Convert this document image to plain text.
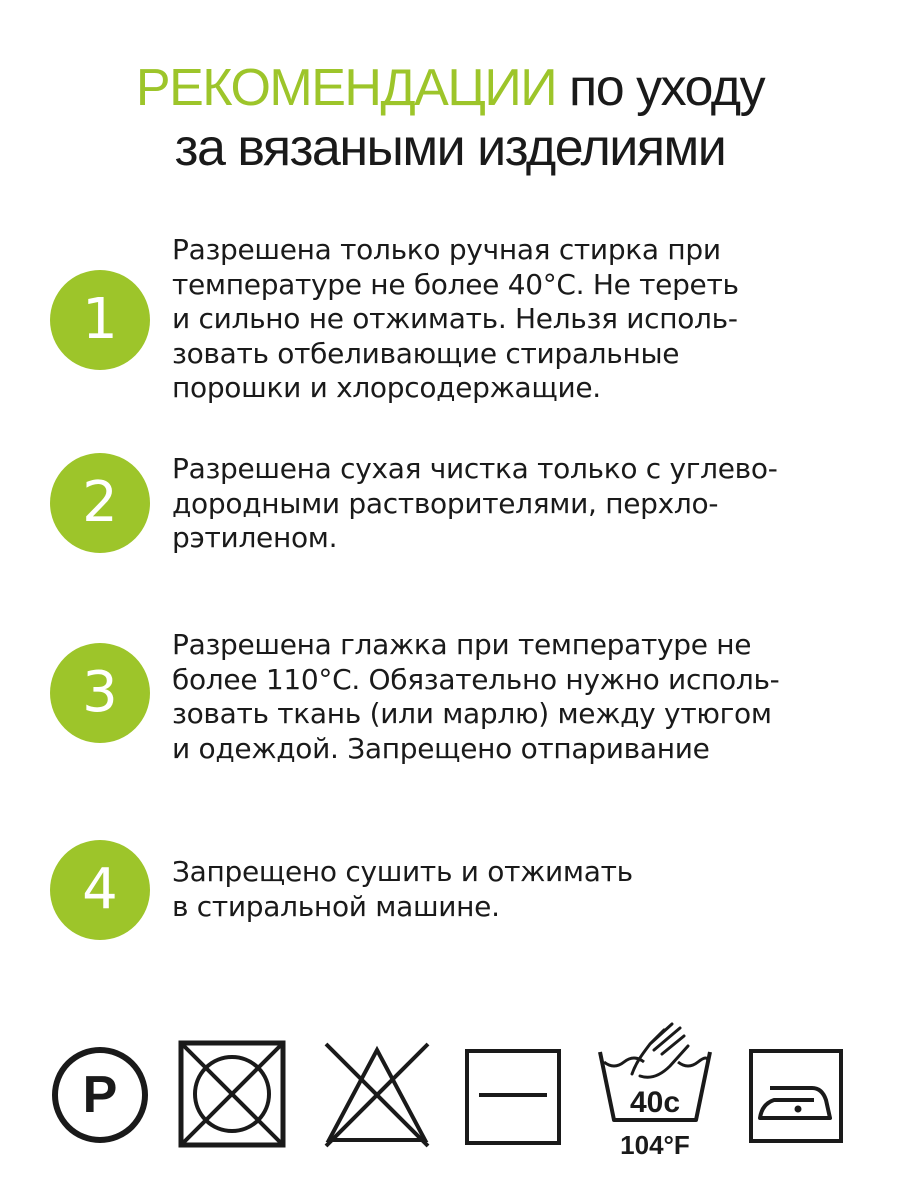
РЕКОМЕНДАЦИИ по уходу
за вязаными изделиями
1

Разрешена только ручная стирка при
температуре не более 40°С. Не тереть
и сильно не отжимать. Нельзя исполь-
зовать отбеливающие стиральные
порошки и хлорсодержащие.

2

Разрешена сухая чистка только с углево-
дородными растворителями, перхло-
рэтиленом.

3

Разрешена глажка при температуре не
более 110°С. Обязательно нужно исполь-
зовать ткань (или марлю) между утюгом
и одеждой. Запрещено отпаривание

4	Запрещено сушить и отжимать
в стиральной машине.

P	40c
104°F
